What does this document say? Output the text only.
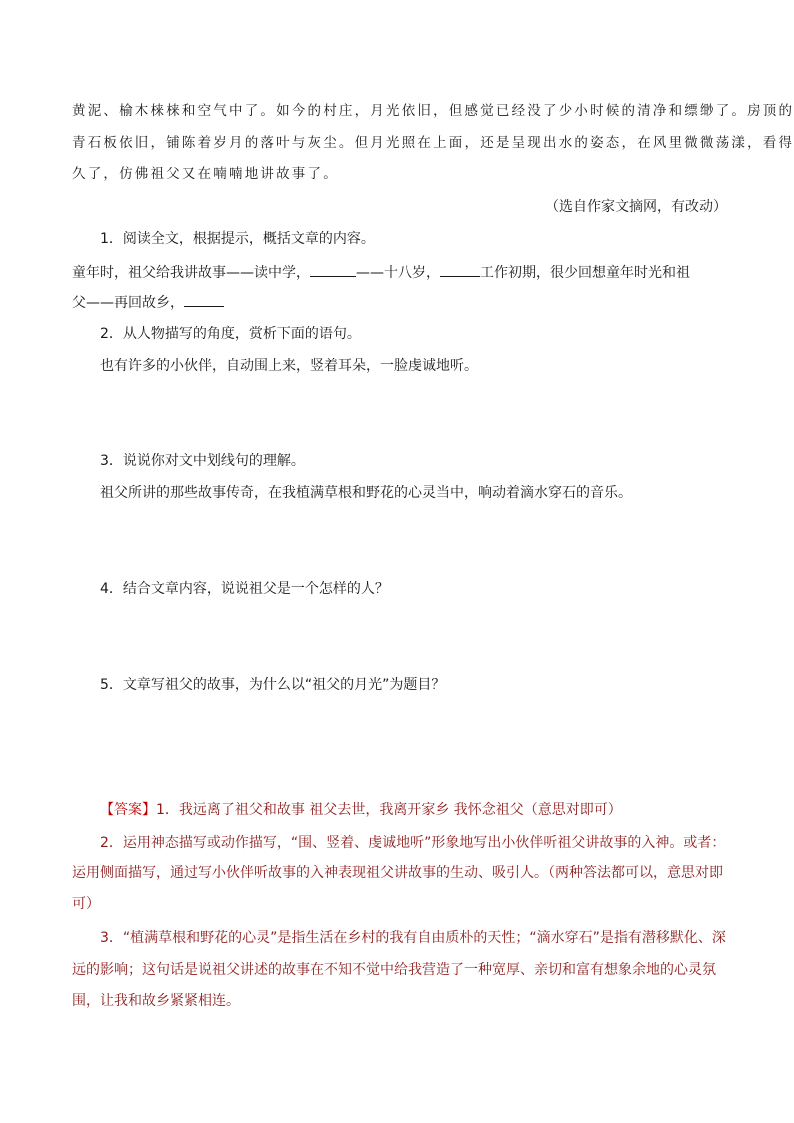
黄泥、榆木梾梾和空气中了。如今的村庄，月光依旧，但感觉已经没了少小时候的清净和缥缈了。房顶的
青石板依旧，铺陈着岁月的落叶与灰尘。但月光照在上面，还是呈现出水的姿态，在风里微微荡漾，看得
久了，仿佛祖父又在喃喃地讲故事了。
（选自作家文摘网，有改动）
1．阅读全文，根据提示，概括文章的内容。
童年时，祖父给我讲故事——读中学，	——十八岁，	工作初期，很少回想童年时光和祖
父——再回故乡，
2．从人物描写的角度，赏析下面的语句。
也有许多的小伙伴，自动围上来，竖着耳朵，一脸虔诚地听。
3．说说你对文中划线句的理解。
祖父所讲的那些故事传奇，在我植满草根和野花的心灵当中，响动着滴水穿石的音乐。
4．结合文章内容，说说祖父是一个怎样的人？
5．文章写祖父的故事，为什么以“祖父的月光”为题目？
【答案】1．我远离了祖父和故事 祖父去世，我离开家乡 我怀念祖父（意思对即可）
2．运用神态描写或动作描写，“围、竖着、虔诚地听”形象地写出小伙伴听祖父讲故事的入神。或者：
运用侧面描写，通过写小伙伴听故事的入神表现祖父讲故事的生动、吸引人。（两种答法都可以，意思对即
可）
3．“植满草根和野花的心灵”是指生活在乡村的我有自由质朴的天性；“滴水穿石”是指有潜移默化、深
远的影响；这句话是说祖父讲述的故事在不知不觉中给我营造了一种宽厚、亲切和富有想象余地的心灵氛
围，让我和故乡紧紧相连。
